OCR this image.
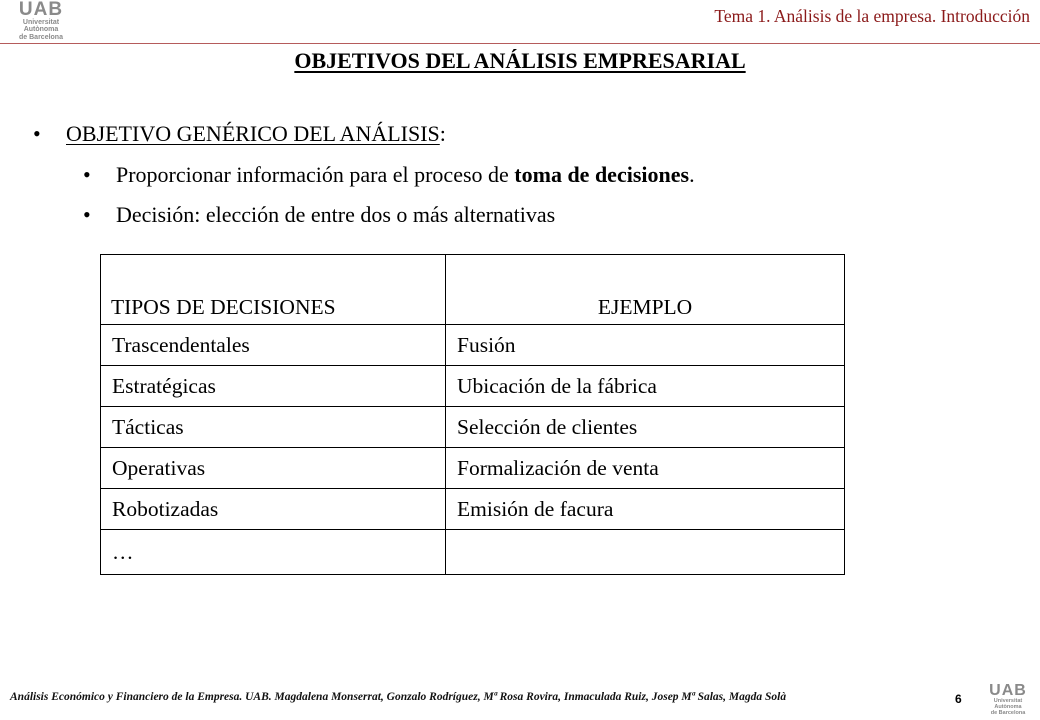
UAB
Universitat Autònoma
de Barcelona
Tema 1. Análisis de la empresa. Introducción
OBJETIVOS DEL ANÁLISIS EMPRESARIAL
• OBJETIVO GENÉRICO DEL ANÁLISIS:
• Proporcionar información para el proceso de toma de decisiones.
• Decisión: elección de entre dos o más alternativas
TIPOS DE DECISIONES	EJEMPLO
Trascendentales	Fusión
Estratégicas	Ubicación de la fábrica
Tácticas	Selección de clientes
Operativas	Formalización de venta
Robotizadas	Emisión de facura
…	
Análisis Económico y Financiero de la Empresa. UAB. Magdalena Monserrat, Gonzalo Rodríguez, Mª Rosa Rovira, Inmaculada Ruiz, Josep Mª Salas, Magda Solà	6 UAB
Universitat Autònoma
de Barcelona
